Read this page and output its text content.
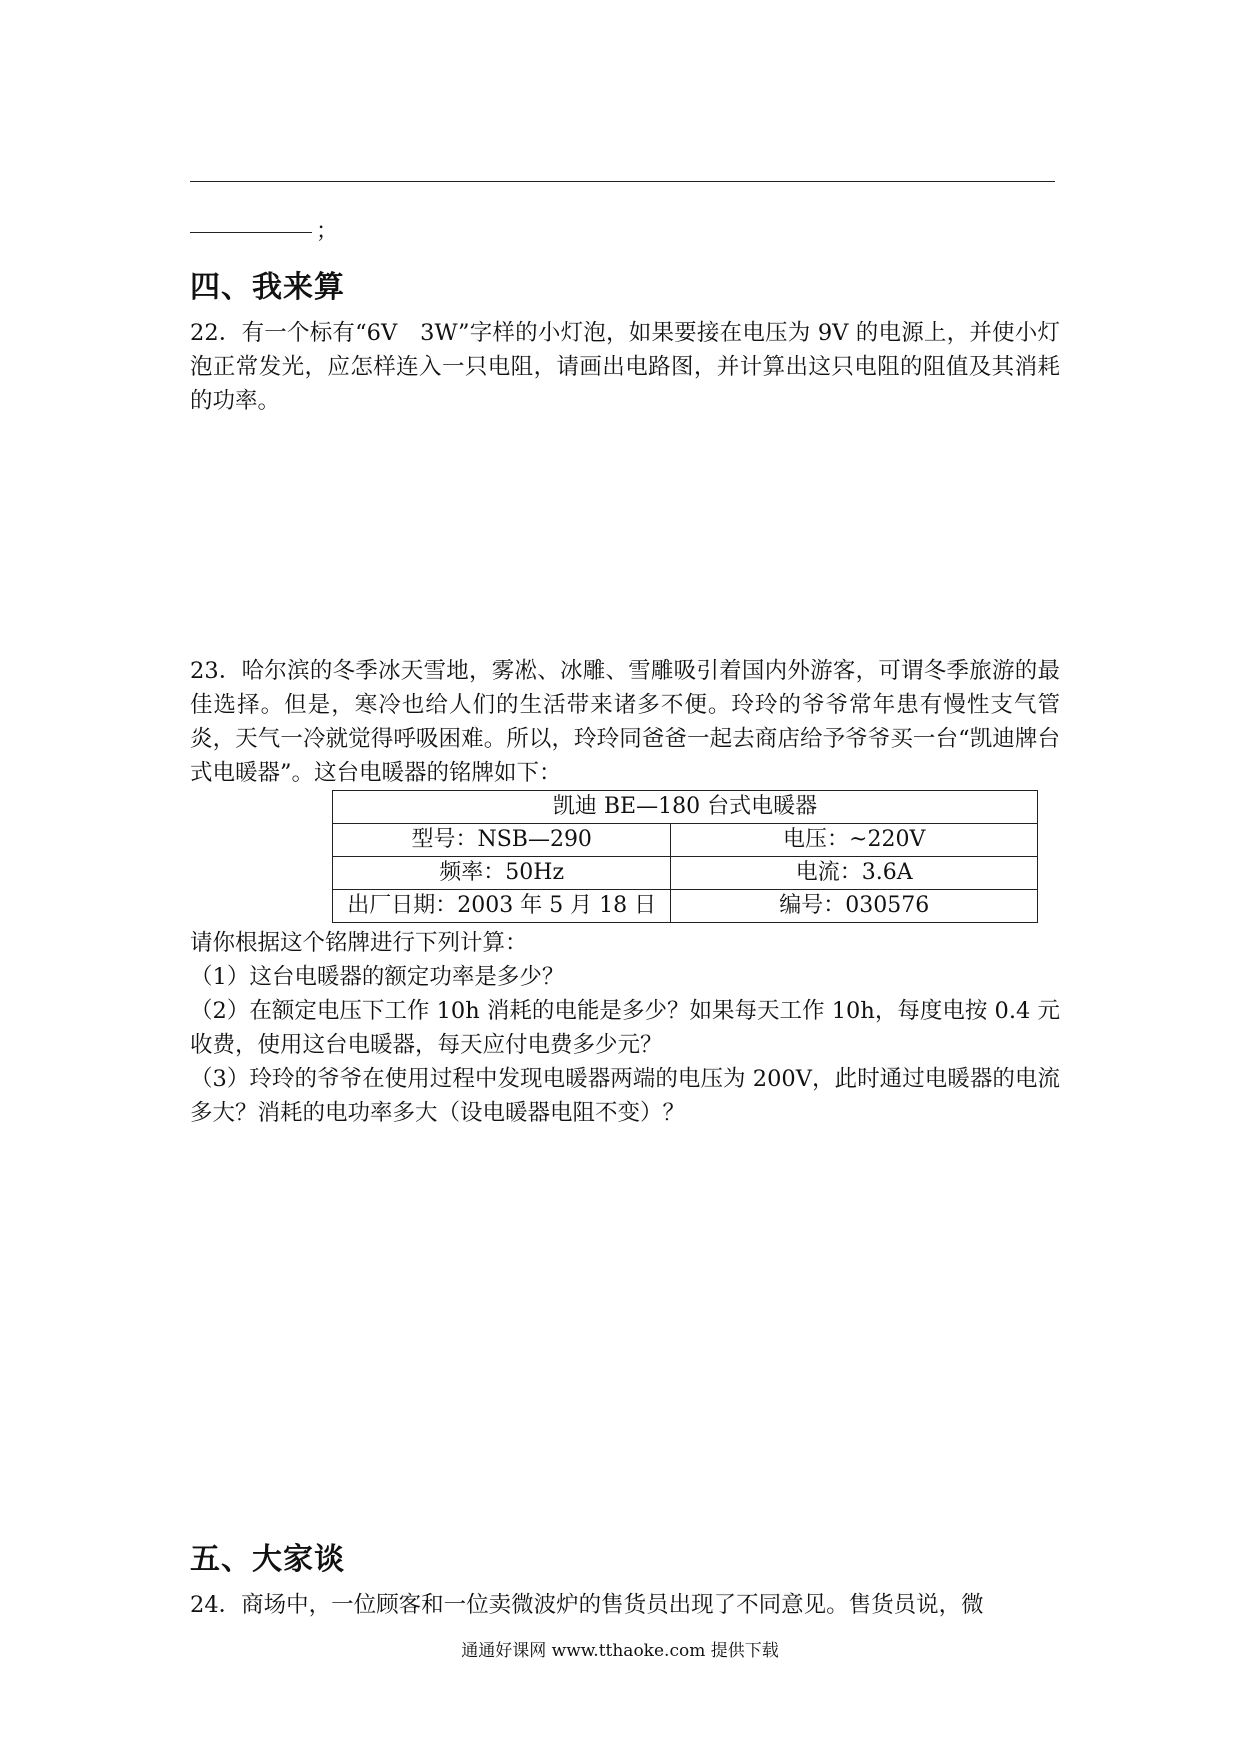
；
四、我来算
22．有一个标有“6V　3W”字样的小灯泡，如果要接在电压为 9V 的电源上，并使小灯泡正常发光，应怎样连入一只电阻，请画出电路图，并计算出这只电阻的阻值及其消耗的功率。
23．哈尔滨的冬季冰天雪地，雾凇、冰雕、雪雕吸引着国内外游客，可谓冬季旅游的最佳选择。但是，寒冷也给人们的生活带来诸多不便。玲玲的爷爷常年患有慢性支气管炎，天气一冷就觉得呼吸困难。所以，玲玲同爸爸一起去商店给予爷爷买一台“凯迪牌台式电暖器”。这台电暖器的铭牌如下：
凯迪 BE—180 台式电暖器	
型号：NSB—290	电压：~220V
频率：50Hz	电流：3.6A
出厂日期：2003 年 5 月 18 日	编号：030576
请你根据这个铭牌进行下列计算：
（1）这台电暖器的额定功率是多少？
（2）在额定电压下工作 10h 消耗的电能是多少？如果每天工作 10h，每度电按 0.4 元收费，使用这台电暖器，每天应付电费多少元？
（3）玲玲的爷爷在使用过程中发现电暖器两端的电压为 200V，此时通过电暖器的电流多大？消耗的电功率多大（设电暖器电阻不变）？
五、大家谈
24．商场中，一位顾客和一位卖微波炉的售货员出现了不同意见。售货员说，微
通通好课网 www.tthaoke.com 提供下载
